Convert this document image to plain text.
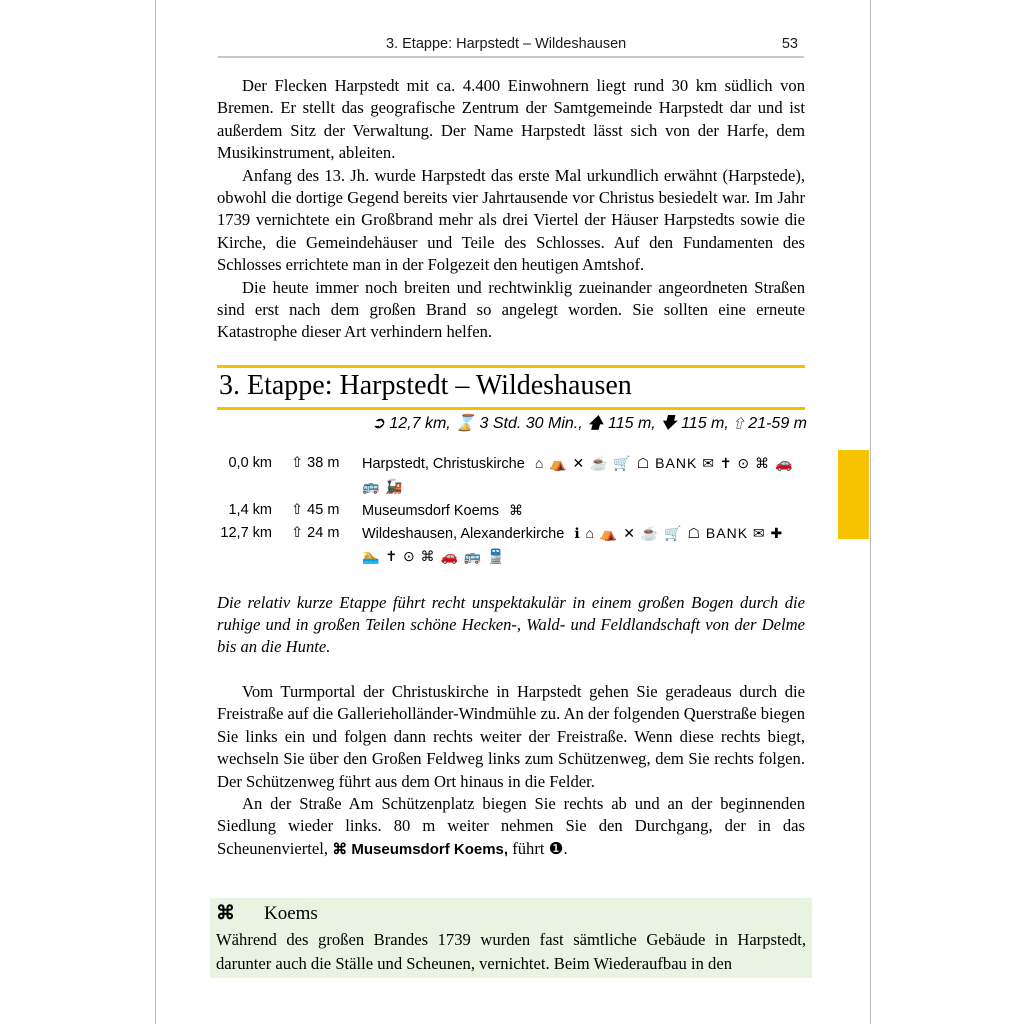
3. Etappe: Harpstedt – Wildeshausen	53

Der Flecken Harpstedt mit ca. 4.400 Einwohnern liegt rund 30 km südlich von Bremen. Er stellt das geografische Zentrum der Samtgemeinde Harpstedt dar und ist außerdem Sitz der Verwaltung. Der Name Harpstedt lässt sich von der Harfe, dem Musikinstrument, ableiten.

Anfang des 13. Jh. wurde Harpstedt das erste Mal urkundlich erwähnt (Harpstede), obwohl die dortige Gegend bereits vier Jahrtausende vor Christus besiedelt war. Im Jahr 1739 vernichtete ein Großbrand mehr als drei Viertel der Häuser Harpstedts sowie die Kirche, die Gemeindehäuser und Teile des Schlosses. Auf den Fundamenten des Schlosses errichtete man in der Folgezeit den heutigen Amtshof.

Die heute immer noch breiten und rechtwinklig zueinander angeordneten Straßen sind erst nach dem großen Brand so angelegt worden. Sie sollten eine erneute Katastrophe dieser Art verhindern helfen.

3. Etappe: Harpstedt – Wildeshausen
➲ 12,7 km, ⌛ 3 Std. 30 Min., 🡅 115 m, 🡇 115 m, ⇧ 21-59 m
0,0 km ⇧ 38 m Harpstedt, Christuskirche ⌂ ⛺ ✕ ☕ 🛒 ☖ BANK ✉ ✝ ⊙ ⌘ 🚗
🚌 🚂
1,4 km ⇧ 45 m Museumsdorf Koems ⌘
12,7 km ⇧ 24 m Wildeshausen, Alexanderkirche ℹ ⌂ ⛺ ✕ ☕ 🛒 ☖ BANK ✉ ✚
🏊 ✝ ⊙ ⌘ 🚗 🚌 🚆
Die relativ kurze Etappe führt recht unspektakulär in einem großen Bogen durch die ruhige und in großen Teilen schöne Hecken-, Wald- und Feldlandschaft von der Delme bis an die Hunte.

Vom Turmportal der Christuskirche in Harpstedt gehen Sie geradeaus durch die Freistraße auf die Gallerieholländer-Windmühle zu. An der folgenden Querstraße biegen Sie links ein und folgen dann rechts weiter der Freistraße. Wenn diese rechts biegt, wechseln Sie über den Großen Feldweg links zum Schützenweg, dem Sie rechts folgen. Der Schützenweg führt aus dem Ort hinaus in die Felder.

An der Straße Am Schützenplatz biegen Sie rechts ab und an der beginnenden Siedlung wieder links. 80 m weiter nehmen Sie den Durchgang, der in das Scheunenviertel, ⌘ Museumsdorf Koems, führt ❶.

⌘ Koems
Während des großen Brandes 1739 wurden fast sämtliche Gebäude in Harpstedt, darunter auch die Ställe und Scheunen, vernichtet. Beim Wiederaufbau in den
